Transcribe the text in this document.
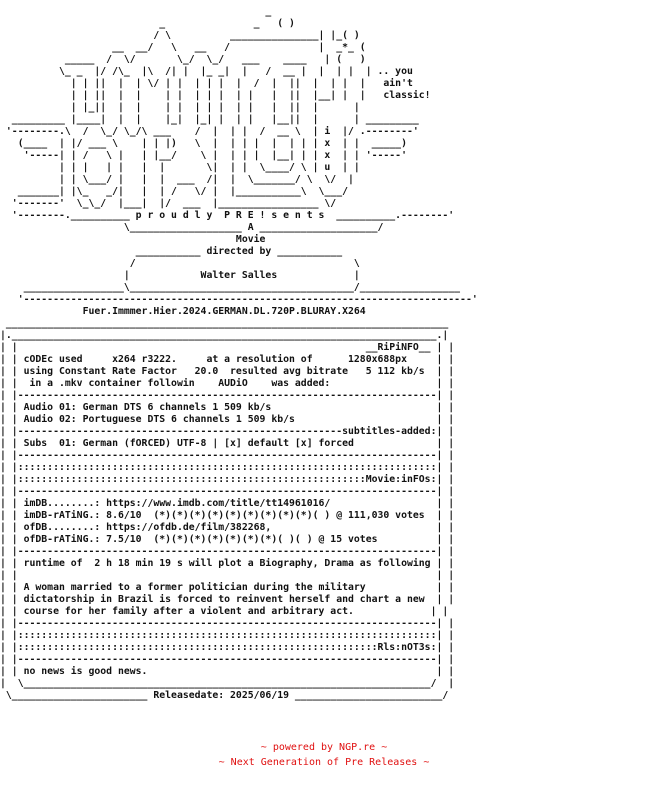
_
_               _   ( )
/ \          _______________| |_( )
__  __/   \   __   /               |  _*_ (
_____  /  \/       \_/  \_/   ___    ____   | (   )
\_ _  |/ /\_  |\  /| |  |_ _|  |   /  __ |  |  | |  | .. you
| | ||  |  | \/ | |  | | |  |  /  |  ||  |  | |  |   ain't
| | ||  |  |    | |  | | |  | |   |  ||  |__| |  |   classic!
| |_||  |  |    | |  | | |  | |   |  ||  |      |
_________ |____|  |  |    |_|  |_| |  | |   |__||  |      | _________
'--------.\  /  \_/ \_/\ ___    /  |  | |  /  __ \  | i  |/ .--------'
(____  | |/ ___ \    | | |)   \  |  | | |  |  | | | x  | |  _____)
'-----| | /   \ |   | |__/    \ |  | | |  |__| | | x  | | '-----'
| | |   | |   |  |       \|  | |  \____/ \ | u  | |
| | \___/ |   |  |  ___  /|  |  \_______/ \  \/  |
_______| |\_   _/|   |  | /   \/ |  |___________\  \___/
'-------'  \_\_/  |___|  |/  ___  |_________________ \/
'--------.__________ p r o u d l y  P R E ! s e n t s  __________.--------'
\___________________ A ____________________/
Movie
___________ directed by ___________
/                                     \
|            Walter Salles             |
_________________\______________________________________/_________________
'----------------------------------------------------------------------------'
Fuer.Immmer.Hier.2024.GERMAN.DL.720P.BLURAY.X264
___________________________________________________________________________
|.________________________________________________________________________.|
| |                                                           __RiPiNFO__ | |
| | cODEc used     x264 r3222.     at a resolution of      1280x688px     | |
| | using Constant Rate Factor   20.0  resulted avg bitrate   5 112 kb/s  | |
| |  in a .mkv container followin    AUDiO    was added:                  | |
| |-----------------------------------------------------------------------| |
| | Audio 01: German DTS 6 channels 1 509 kb/s                            | |
| | Audio 02: Portuguese DTS 6 channels 1 509 kb/s                        | |
| |-------------------------------------------------------subtitles-added:| |
| | Subs  01: German (fORCED) UTF-8 | [x] default [x] forced              | |
| |-----------------------------------------------------------------------| |
| |:::::::::::::::::::::::::::::::::::::::::::::::::::::::::::::::::::::::| |
| |:::::::::::::::::::::::::::::::::::::::::::::::::::::::::::Movie:inFOs:| |
| |-----------------------------------------------------------------------| |
| | imDB........: https://www.imdb.com/title/tt14961016/                  | |
| | imDB-rATiNG.: 8.6/10  (*)(*)(*)(*)(*)(*)(*)(*)(*)( ) @ 111,030 votes  | |
| | ofDB........: https://ofdb.de/film/382268,                            | |
| | ofDB-rATiNG.: 7.5/10  (*)(*)(*)(*)(*)(*)(*)( )( ) @ 15 votes          | |
| |-----------------------------------------------------------------------| |
| | runtime of  2 h 18 min 19 s will plot a Biography, Drama as following | |
| |                                                                       | |
| | A woman married to a former politician during the military            | |
| | dictatorship in Brazil is forced to reinvent herself and chart a new  | |
| | course for her family after a violent and arbitrary act.             | |
| |-----------------------------------------------------------------------| |
| |:::::::::::::::::::::::::::::::::::::::::::::::::::::::::::::::::::::::| |
| |:::::::::::::::::::::::::::::::::::::::::::::::::::::::::::::Rls:nOT3s:| |
| |-----------------------------------------------------------------------| |
| | no news is good news.                                                 | |
|  \_____________________________________________________________________/  |
\_______________________ Releasedate: 2025/06/19 _________________________/
~ powered by NGP.re ~
~ Next Generation of Pre Releases ~
